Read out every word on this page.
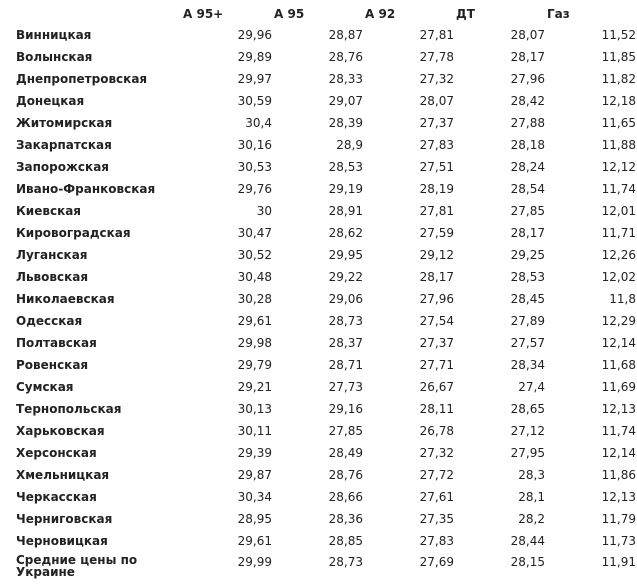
	А 95+	А 95	А 92	ДТ	Газ
Винницкая	29,96	28,87	27,81	28,07	11,52
Волынская	29,89	28,76	27,78	28,17	11,85
Днепропетровская	29,97	28,33	27,32	27,96	11,82
Донецкая	30,59	29,07	28,07	28,42	12,18
Житомирская	30,4	28,39	27,37	27,88	11,65
Закарпатская	30,16	28,9	27,83	28,18	11,88
Запорожская	30,53	28,53	27,51	28,24	12,12
Ивано-Франковская	29,76	29,19	28,19	28,54	11,74
Киевская	30	28,91	27,81	27,85	12,01
Кировоградская	30,47	28,62	27,59	28,17	11,71
Луганская	30,52	29,95	29,12	29,25	12,26
Львовская	30,48	29,22	28,17	28,53	12,02
Николаевская	30,28	29,06	27,96	28,45	11,8
Одесская	29,61	28,73	27,54	27,89	12,29
Полтавская	29,98	28,37	27,37	27,57	12,14
Ровенская	29,79	28,71	27,71	28,34	11,68
Сумская	29,21	27,73	26,67	27,4	11,69
Тернопольская	30,13	29,16	28,11	28,65	12,13
Харьковская	30,11	27,85	26,78	27,12	11,74
Херсонская	29,39	28,49	27,32	27,95	12,14
Хмельницкая	29,87	28,76	27,72	28,3	11,86
Черкасская	30,34	28,66	27,61	28,1	12,13
Черниговская	28,95	28,36	27,35	28,2	11,79
Черновицкая	29,61	28,85	27,83	28,44	11,73
Средние цены по Украине	29,99	28,73	27,69	28,15	11,91
